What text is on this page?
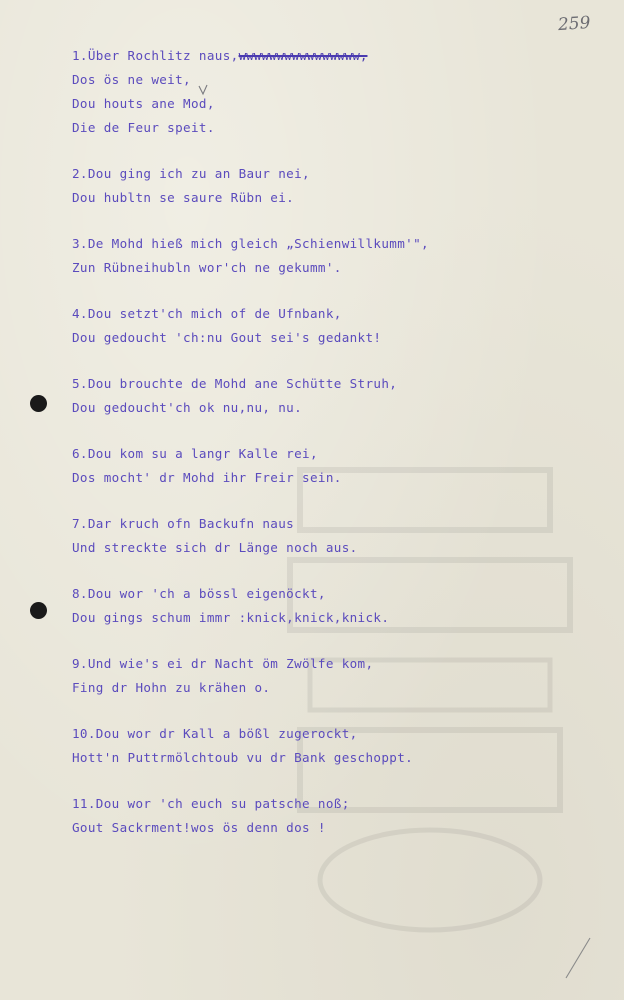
259
1.Über Rochlitz naus,wwwwwwwwwwwwwwww,
Dos ös ne weit,
Dou houts ane Mod,
Die de Feur speit.
2.Dou ging ich zu an Baur nei,
Dou hubltn se saure Rübn ei.
3.De Mohd hieß mich gleich „Schienwillkumm'",
Zun Rübneihubln wor'ch ne gekumm'.
4.Dou setzt'ch mich of de Ufnbank,
Dou gedoucht 'ch:nu Gout sei's gedankt!
5.Dou brouchte de Mohd ane Schütte Struh,
Dou gedoucht'ch ok nu,nu, nu.
6.Dou kom su a langr Kalle rei,
Dos mocht' dr Mohd ihr Freir sein.
7.Dar kruch ofn Backufn naus
Und streckte sich dr Länge noch aus.
8.Dou wor 'ch a bössl eigenöckt,
Dou gings schum immr :knick,knick,knick.
9.Und wie's ei dr Nacht öm Zwölfe kom,
Fing dr Hohn zu krähen o.
10.Dou wor dr Kall a bößl zugerockt,
Hott'n Puttrmölchtoub vu dr Bank geschoppt.
11.Dou wor 'ch euch su patsche noß;
Gout Sackrment!wos ös denn dos !
